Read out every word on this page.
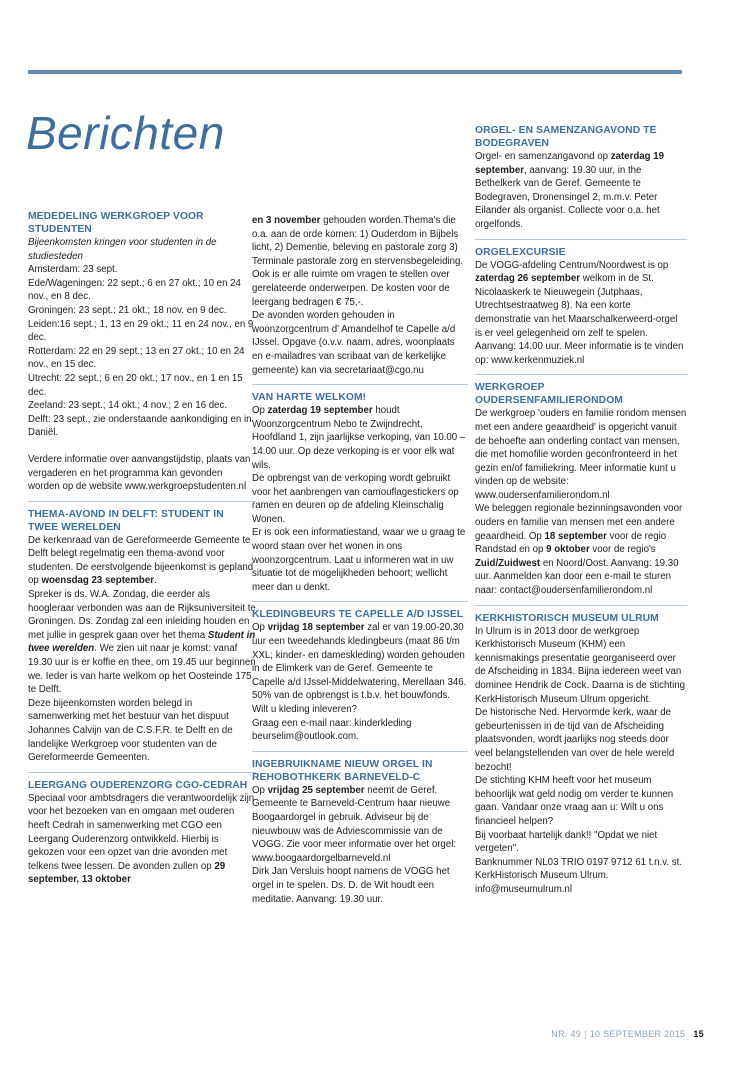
Berichten

MEDEDELING WERKGROEP VOOR STUDENTEN

Bijeenkomsten kringen voor studenten in de studiesteden

Amsterdam: 23 sept.

Ede/Wageningen: 22 sept.; 6 en 27 okt.; 10 en 24 nov., en 8 dec.

Groningen: 23 sept.; 21 okt.; 18 nov. en 9 dec.

Leiden:16 sept.; 1, 13 en 29 okt.; 11 en 24 nov., en 9 dec.

Rotterdam: 22 en 29 sept.; 13 en 27 okt.; 10 en 24 nov., en 15 dec.

Utrecht: 22 sept.; 6 en 20 okt.; 17 nov., en 1 en 15 dec.

Zeeland: 23 sept.; 14 okt.; 4 nov.; 2 en 16 dec.

Delft: 23 sept., zie onderstaande aankondiging en in Daniël.

Verdere informatie over aanvangstijdstip, plaats van vergaderen en het programma kan gevonden worden op de website www.werkgroepstudenten.nl

THEMA-AVOND IN DELFT: STUDENT IN TWEE WERELDEN

De kerkenraad van de Gereformeerde Gemeente te Delft belegt regelmatig een thema-avond voor studenten. De eerstvolgende bijeenkomst is gepland op woensdag 23 september.

Spreker is ds. W.A. Zondag, die eerder als hoogleraar verbonden was aan de Rijksuniversiteit te Groningen. Ds. Zondag zal een inleiding houden en met jullie in gesprek gaan over het thema Student in twee werelden. We zien uit naar je komst: vanaf 19.30 uur is er koffie en thee, om 19.45 uur beginnen we. Ieder is van harte welkom op het Oosteinde 175 te Delft.

Deze bijeenkomsten worden belegd in samenwerking met het bestuur van het dispuut Johannes Calvijn van de C.S.F.R. te Delft en de landelijke Werkgroep voor studenten van de Gereformeerde Gemeenten.

LEERGANG OUDERENZORG CGO-CEDRAH

Speciaal voor ambtsdragers die verantwoordelijk zijn voor het bezoeken van en omgaan met ouderen heeft Cedrah in samenwerking met CGO een Leergang Ouderenzorg ontwikkeld. Hierbij is gekozen voor een opzet van drie avonden met telkens twee lessen. De avonden zullen op 29 september, 13 oktober

en 3 november gehouden worden.Thema's die o.a. aan de orde komen: 1) Ouderdom in Bijbels licht, 2) Dementie, beleving en pastorale zorg 3) Terminale pastorale zorg en stervensbegeleiding. Ook is er alle ruimte om vragen te stellen over gerelateerde onderwerpen. De kosten voor de leergang bedragen € 75,-.

De avonden worden gehouden in woonzorgcentrum d' Amandelhof te Capelle a/d IJssel. Opgave (o.v.v. naam, adres, woonplaats en e-mailadres van scribaat van de kerkelijke gemeente) kan via secretariaat@cgo.nu

VAN HARTE WELKOM!

Op zaterdag 19 september houdt Woonzorgcentrum Nebo te Zwijndrecht, Hoofdland 1, zijn jaarlijkse verkoping, van 10.00 – 14.00 uur. Op deze verkoping is er voor elk wat wils.

De opbrengst van de verkoping wordt gebruikt voor het aanbrengen van camouflagestickers op ramen en deuren op de afdeling Kleinschalig Wonen.

Er is ook een informatiestand, waar we u graag te woord staan over het wonen in ons woonzorgcentrum. Laat u informeren wat in uw situatie tot de mogelijkheden behoort; wellicht meer dan u denkt.

KLEDINGBEURS TE CAPELLE A/D IJSSEL

Op vrijdag 18 september zal er van 19.00-20.30 uur een tweedehands kledingbeurs (maat 86 t/m XXL; kinder- en dameskleding) worden gehouden in de Elimkerk van de Geref. Gemeente te Capelle a/d IJssel-Middelwatering, Merellaan 346. 50% van de opbrengst is t.b.v. het bouwfonds. Wilt u kleding inleveren?

Graag een e-mail naar: kinderkleding beurselim@outlook.com.

INGEBRUIKNAME NIEUW ORGEL IN REHOBOTHKERK BARNEVELD-C

Op vrijdag 25 september neemt de Geref. Gemeente te Barneveld-Centrum haar nieuwe Boogaardorgel in gebruik. Adviseur bij de nieuwbouw was de Adviescommissie van de VOGG. Zie voor meer informatie over het orgel: www.boogaardorgelbarneveld.nl

Dirk Jan Versluis hoopt namens de VOGG het orgel in te spelen. Ds. D. de Wit houdt een meditatie. Aanvang: 19.30 uur.

ORGEL- EN SAMENZANGAVOND TE BODEGRAVEN

Orgel- en samenzangavond op zaterdag 19 september, aanvang: 19.30 uur, in the Bethelkerk van de Geref. Gemeente te Bodegraven, Dronensingel 2, m.m.v. Peter Eilander als organist. Collecte voor o.a. het orgelfonds.

ORGELEXCURSIE

De VOGG-afdeling Centrum/Noordwest is op zaterdag 26 september welkom in de St. Nicolaaskerk te Nieuwegein (Jutphaas, Utrechtsestraatweg 8). Na een korte demonstratie van het Maarschalkerweerd-orgel is er veel gelegenheid om zelf te spelen. Aanvang: 14.00 uur. Meer informatie is te vinden op: www.kerkenmuziek.nl

WERKGROEP OUDERSENFAMILIERONDOM

De werkgroep 'ouders en familie rondom mensen met een andere geaardheid' is opgericht vanuit de behoefte aan onderling contact van mensen, die met homofilie worden geconfronteerd in het gezin en/of familiekring. Meer informatie kunt u vinden op de website:

www.oudersenfamilierondom.nl

We beleggen regionale bezinningsavonden voor ouders en familie van mensen met een andere geaardheid. Op 18 september voor de regio Randstad en op 9 oktober voor de regio's Zuid/Zuidwest en Noord/Oost. Aanvang: 19.30 uur. Aanmelden kan door een e-mail te sturen naar: contact@oudersenfamilierondom.nl

KERKHISTORISCH MUSEUM ULRUM

In Ulrum is in 2013 door de werkgroep Kerkhistorisch Museum (KHM) een kennismakings presentatie georganiseerd over de Afscheiding in 1834. Bijna iedereen weet van dominee Hendrik de Cock. Daarna is de stichting KerkHistorisch Museum Ulrum opgericht.

De historische Ned. Hervormde kerk, waar de gebeurtenissen in de tijd van de Afscheiding plaatsvonden, wordt jaarlijks nog steeds door veel belangstellenden van over de hele wereld bezocht!

De stichting KHM heeft voor het museum behoorlijk wat geld nodig om verder te kunnen gaan. Vandaar onze vraag aan u: Wilt u ons financieel helpen?

Bij voorbaat hartelijk dank!! "Opdat we niet vergeten".

Banknummer NL03 TRIO 0197 9712 61 t.n.v. st. KerkHistorisch Museum Ulrum.

info@museumulrum.nl

NR. 49 | 10 SEPTEMBER 2015 15
